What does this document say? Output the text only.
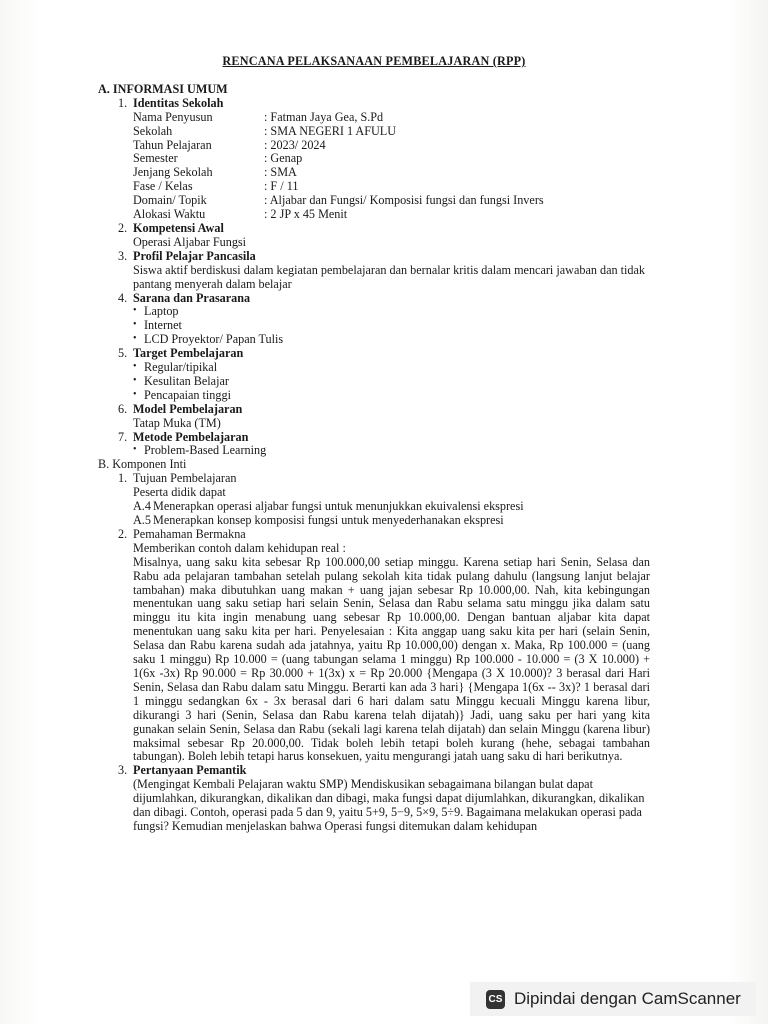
RENCANA PELAKSANAAN PEMBELAJARAN (RPP)
A. INFORMASI UMUM
1. Identitas Sekolah
Nama Penyusun	: Fatman Jaya Gea, S.Pd
Sekolah	: SMA NEGERI 1 AFULU
Tahun Pelajaran	: 2023/ 2024
Semester	: Genap
Jenjang Sekolah	: SMA
Fase / Kelas	: F / 11
Domain/ Topik	: Aljabar dan Fungsi/ Komposisi fungsi dan fungsi Invers
Alokasi Waktu	: 2 JP x 45 Menit
2. Kompetensi Awal
Operasi Aljabar Fungsi
3. Profil Pelajar Pancasila
Siswa aktif berdiskusi dalam kegiatan pembelajaran dan bernalar kritis dalam mencari jawaban dan tidak pantang menyerah dalam belajar
4. Sarana dan Prasarana
• Laptop
• Internet
• LCD Proyektor/ Papan Tulis
5. Target Pembelajaran
• Regular/tipikal
• Kesulitan Belajar
• Pencapaian tinggi
6. Model Pembelajaran
Tatap Muka (TM)
7. Metode Pembelajaran
• Problem-Based Learning
B. Komponen Inti
1. Tujuan Pembelajaran
Peserta didik dapat
A.4 Menerapkan operasi aljabar fungsi untuk menunjukkan ekuivalensi ekspresi
A.5 Menerapkan konsep komposisi fungsi untuk menyederhanakan ekspresi
2. Pemahaman Bermakna
Memberikan contoh dalam kehidupan real :
Misalnya, uang saku kita sebesar Rp 100.000,00 setiap minggu. Karena setiap hari Senin, Selasa dan Rabu ada pelajaran tambahan setelah pulang sekolah kita tidak pulang dahulu (langsung lanjut belajar tambahan) maka dibutuhkan uang makan + uang jajan sebesar Rp 10.000,00. Nah, kita kebingungan menentukan uang saku setiap hari selain Senin, Selasa dan Rabu selama satu minggu jika dalam satu minggu itu kita ingin menabung uang sebesar Rp 10.000,00. Dengan bantuan aljabar kita dapat menentukan uang saku kita per hari. Penyelesaian : Kita anggap uang saku kita per hari (selain Senin, Selasa dan Rabu karena sudah ada jatahnya, yaitu Rp 10.000,00) dengan x. Maka, Rp 100.000 = (uang saku 1 minggu) Rp 10.000 = (uang tabungan selama 1 minggu) Rp 100.000 - 10.000 = (3 X 10.000) + 1(6x -3x) Rp 90.000 = Rp 30.000 + 1(3x) x = Rp 20.000 {Mengapa (3 X 10.000)? 3 berasal dari Hari Senin, Selasa dan Rabu dalam satu Minggu. Berarti kan ada 3 hari} {Mengapa 1(6x -- 3x)? 1 berasal dari 1 minggu sedangkan 6x - 3x berasal dari 6 hari dalam satu Minggu kecuali Minggu karena libur, dikurangi 3 hari (Senin, Selasa dan Rabu karena telah dijatah)} Jadi, uang saku per hari yang kita gunakan selain Senin, Selasa dan Rabu (sekali lagi karena telah dijatah) dan selain Minggu (karena libur) maksimal sebesar Rp 20.000,00. Tidak boleh lebih tetapi boleh kurang (hehe, sebagai tambahan tabungan). Boleh lebih tetapi harus konsekuen, yaitu mengurangi jatah uang saku di hari berikutnya.
3. Pertanyaan Pemantik
(Mengingat Kembali Pelajaran waktu SMP) Mendiskusikan sebagaimana bilangan bulat dapat dijumlahkan, dikurangkan, dikalikan dan dibagi, maka fungsi dapat dijumlahkan, dikurangkan, dikalikan dan dibagi. Contoh, operasi pada 5 dan 9, yaitu 5+9, 5−9, 5×9, 5÷9. Bagaimana melakukan operasi pada fungsi? Kemudian menjelaskan bahwa Operasi fungsi ditemukan dalam kehidupan
CS Dipindai dengan CamScanner
